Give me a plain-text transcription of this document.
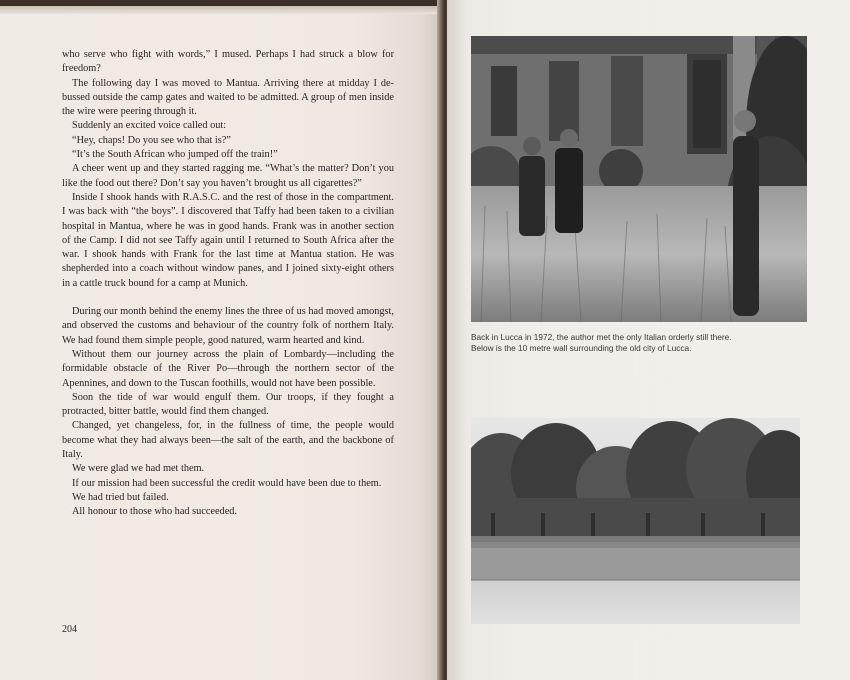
who serve who fight with words,” I mused. Perhaps I had struck a blow for freedom?

The following day I was moved to Mantua. Arriving there at midday I de-bussed outside the camp gates and waited to be admitted. A group of men inside the wire were peering through it.

Suddenly an excited voice called out:

“Hey, chaps! Do you see who that is?”

“It’s the South African who jumped off the train!”

A cheer went up and they started ragging me. “What’s the matter? Don’t you like the food out there? Don’t say you haven’t brought us all cigarettes?”

Inside I shook hands with R.A.S.C. and the rest of those in the compartment. I was back with “the boys”. I discovered that Taffy had been taken to a civilian hospital in Mantua, where he was in good hands. Frank was in another section of the Camp. I did not see Taffy again until I returned to South Africa after the war. I shook hands with Frank for the last time at Mantua station. He was shepherded into a coach without window panes, and I joined sixty-eight others in a cattle truck bound for a camp at Munich.

During our month behind the enemy lines the three of us had moved amongst, and observed the customs and behaviour of the country folk of northern Italy. We had found them simple people, good natured, warm hearted and kind.

Without them our journey across the plain of Lombardy—including the formidable obstacle of the River Po—through the northern sector of the Apennines, and down to the Tuscan foothills, would not have been possible.

Soon the tide of war would engulf them. Our troops, if they fought a protracted, bitter battle, would find them changed.

Changed, yet changeless, for, in the fullness of time, the people would become what they had always been—the salt of the earth, and the backbone of Italy.

We were glad we had met them.

If our mission had been successful the credit would have been due to them.

We had tried but failed.

All honour to those who had succeeded.

204

Back in Lucca in 1972, the author met the only Italian orderly still there.

Below is the 10 metre wall surrounding the old city of Lucca.
